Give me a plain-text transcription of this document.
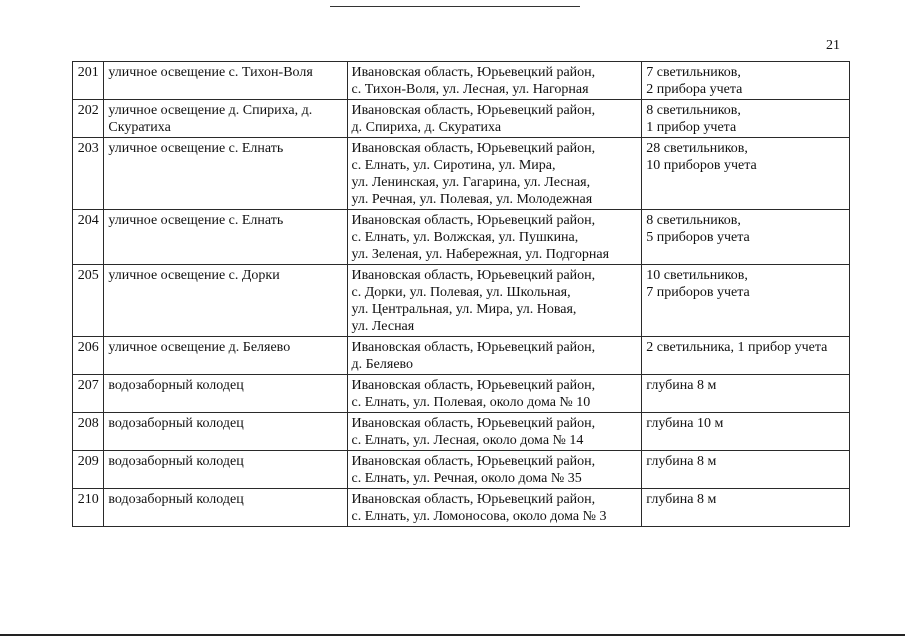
21
201	уличное освещение с. Тихон-Воля	Ивановская область, Юрьевецкий район,
с. Тихон-Воля, ул. Лесная, ул. Нагорная	7 светильников,
2 прибора учета

202	уличное освещение д. Спириха, д. Скуратиха	Ивановская область, Юрьевецкий район,
д. Спириха, д. Скуратиха	8 светильников,
1 прибор учета

203	уличное освещение с. Елнать	Ивановская область, Юрьевецкий район,
с. Елнать, ул. Сиротина, ул. Мира,
ул. Ленинская, ул. Гагарина, ул. Лесная,
ул. Речная, ул. Полевая, ул. Молодежная	28 светильников,
10 приборов учета

204	уличное освещение с. Елнать	Ивановская область, Юрьевецкий район,
с. Елнать, ул. Волжская, ул. Пушкина,
ул. Зеленая, ул. Набережная, ул. Подгорная	8 светильников,
5 приборов учета

205	уличное освещение с. Дорки	Ивановская область, Юрьевецкий район,
с. Дорки, ул. Полевая, ул. Школьная,
ул. Центральная, ул. Мира, ул. Новая,
ул. Лесная	10 светильников,
7 приборов учета

206	уличное освещение д. Беляево	Ивановская область, Юрьевецкий район,
д. Беляево	2 светильника, 1 прибор учета

207	водозаборный колодец	Ивановская область, Юрьевецкий район,
с. Елнать, ул. Полевая, около дома № 10	глубина 8 м

208	водозаборный колодец	Ивановская область, Юрьевецкий район,
с. Елнать, ул. Лесная, около дома № 14	глубина 10 м

209	водозаборный колодец	Ивановская область, Юрьевецкий район,
с. Елнать, ул. Речная, около дома № 35	глубина 8 м

210	водозаборный колодец	Ивановская область, Юрьевецкий район,
с. Елнать, ул. Ломоносова, около дома № 3	глубина 8 м
